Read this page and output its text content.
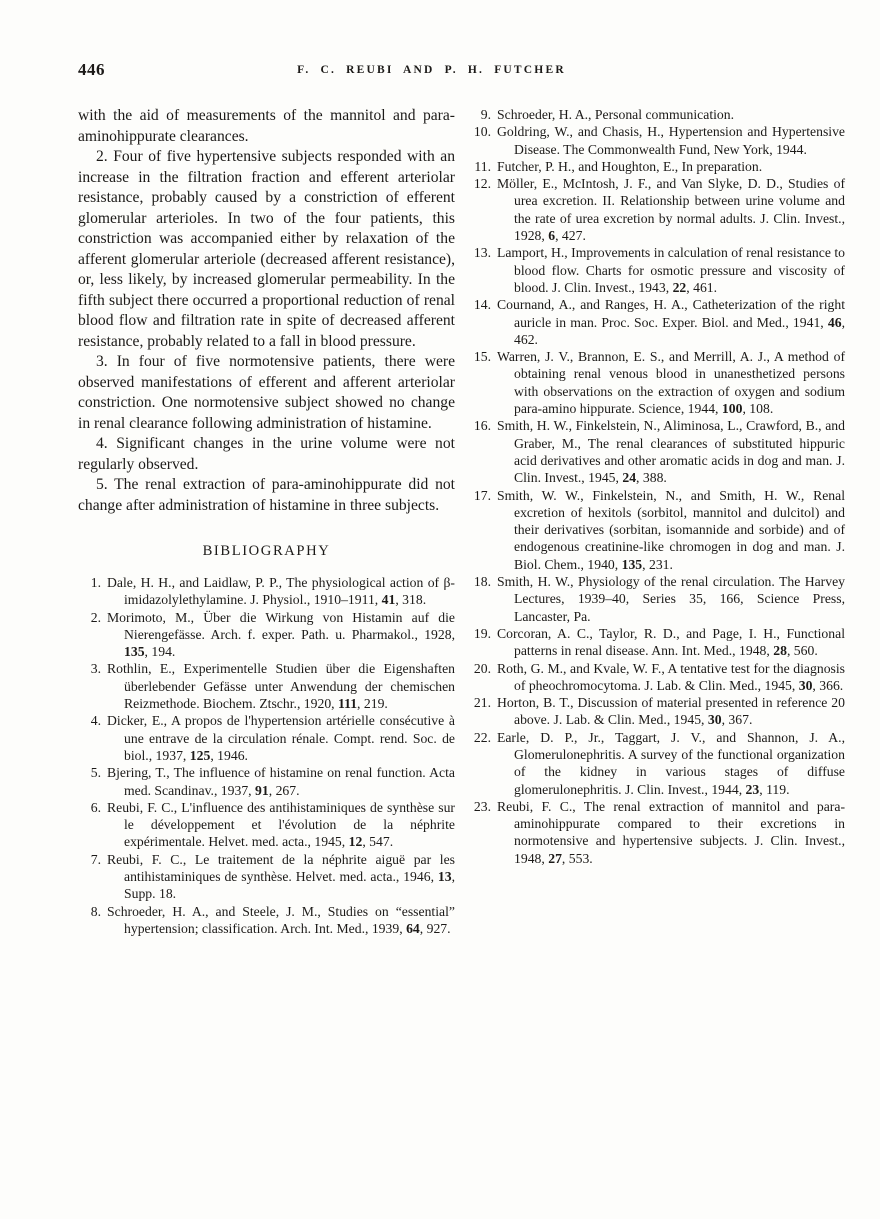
446	F. C. REUBI AND P. H. FUTCHER

with the aid of measurements of the mannitol and para-aminohippurate clearances.

2. Four of five hypertensive subjects responded with an increase in the filtration fraction and efferent arteriolar resistance, probably caused by a constriction of efferent glomerular arterioles. In two of the four patients, this constriction was accompanied either by relaxation of the afferent glomerular arteriole (decreased afferent resistance), or, less likely, by increased glomerular permeability. In the fifth subject there occurred a proportional reduction of renal blood flow and filtration rate in spite of decreased afferent resistance, probably related to a fall in blood pressure.

3. In four of five normotensive patients, there were observed manifestations of efferent and afferent arteriolar constriction. One normotensive subject showed no change in renal clearance following administration of histamine.

4. Significant changes in the urine volume were not regularly observed.

5. The renal extraction of para-aminohippurate did not change after administration of histamine in three subjects.

BIBLIOGRAPHY
1. Dale, H. H., and Laidlaw, P. P., The physiological action of β-imidazolylethylamine. J. Physiol., 1910–1911, 41, 318.
2. Morimoto, M., Über die Wirkung von Histamin auf die Nierengefässe. Arch. f. exper. Path. u. Pharmakol., 1928, 135, 194.
3. Rothlin, E., Experimentelle Studien über die Eigenshaften überlebender Gefässe unter Anwendung der chemischen Reizmethode. Biochem. Ztschr., 1920, 111, 219.
4. Dicker, E., A propos de l'hypertension artérielle consécutive à une entrave de la circulation rénale. Compt. rend. Soc. de biol., 1937, 125, 1946.
5. Bjering, T., The influence of histamine on renal function. Acta med. Scandinav., 1937, 91, 267.
6. Reubi, F. C., L'influence des antihistaminiques de synthèse sur le développement et l'évolution de la néphrite expérimentale. Helvet. med. acta., 1945, 12, 547.
7. Reubi, F. C., Le traitement de la néphrite aiguë par les antihistaminiques de synthèse. Helvet. med. acta., 1946, 13, Supp. 18.
8. Schroeder, H. A., and Steele, J. M., Studies on “essential” hypertension; classification. Arch. Int. Med., 1939, 64, 927.
9. Schroeder, H. A., Personal communication.
10. Goldring, W., and Chasis, H., Hypertension and Hypertensive Disease. The Commonwealth Fund, New York, 1944.
11. Futcher, P. H., and Houghton, E., In preparation.
12. Möller, E., McIntosh, J. F., and Van Slyke, D. D., Studies of urea excretion. II. Relationship between urine volume and the rate of urea excretion by normal adults. J. Clin. Invest., 1928, 6, 427.
13. Lamport, H., Improvements in calculation of renal resistance to blood flow. Charts for osmotic pressure and viscosity of blood. J. Clin. Invest., 1943, 22, 461.
14. Cournand, A., and Ranges, H. A., Catheterization of the right auricle in man. Proc. Soc. Exper. Biol. and Med., 1941, 46, 462.
15. Warren, J. V., Brannon, E. S., and Merrill, A. J., A method of obtaining renal venous blood in unanesthetized persons with observations on the extraction of oxygen and sodium para-amino hippurate. Science, 1944, 100, 108.
16. Smith, H. W., Finkelstein, N., Aliminosa, L., Crawford, B., and Graber, M., The renal clearances of substituted hippuric acid derivatives and other aromatic acids in dog and man. J. Clin. Invest., 1945, 24, 388.
17. Smith, W. W., Finkelstein, N., and Smith, H. W., Renal excretion of hexitols (sorbitol, mannitol and dulcitol) and their derivatives (sorbitan, isomannide and sorbide) and of endogenous creatinine-like chromogen in dog and man. J. Biol. Chem., 1940, 135, 231.
18. Smith, H. W., Physiology of the renal circulation. The Harvey Lectures, 1939–40, Series 35, 166, Science Press, Lancaster, Pa.
19. Corcoran, A. C., Taylor, R. D., and Page, I. H., Functional patterns in renal disease. Ann. Int. Med., 1948, 28, 560.
20. Roth, G. M., and Kvale, W. F., A tentative test for the diagnosis of pheochromocytoma. J. Lab. & Clin. Med., 1945, 30, 366.
21. Horton, B. T., Discussion of material presented in reference 20 above. J. Lab. & Clin. Med., 1945, 30, 367.
22. Earle, D. P., Jr., Taggart, J. V., and Shannon, J. A., Glomerulonephritis. A survey of the functional organization of the kidney in various stages of diffuse glomerulonephritis. J. Clin. Invest., 1944, 23, 119.
23. Reubi, F. C., The renal extraction of mannitol and para-aminohippurate compared to their excretions in normotensive and hypertensive subjects. J. Clin. Invest., 1948, 27, 553.
